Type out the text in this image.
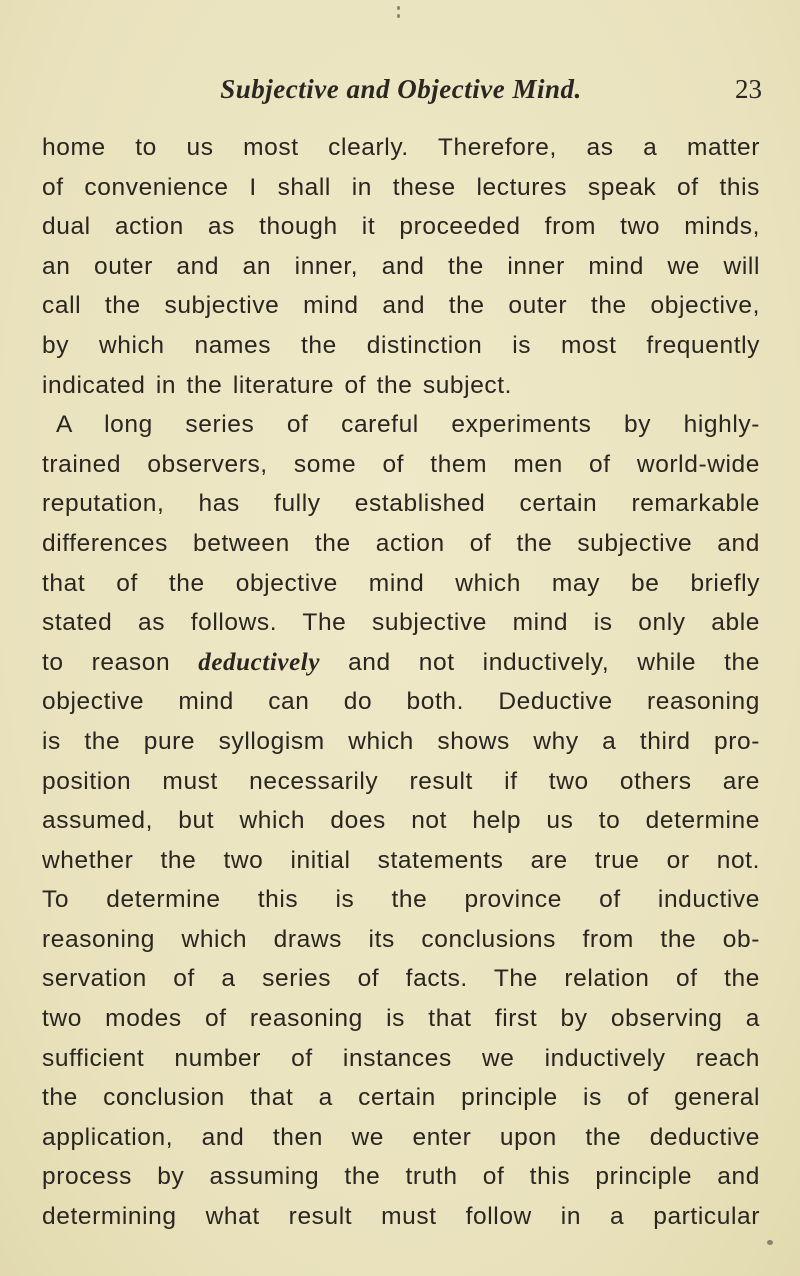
Subjective and Objective Mind.	23
home to us most clearly. Therefore, as a matter
of convenience I shall in these lectures speak of this
dual action as though it proceeded from two minds,
an outer and an inner, and the inner mind we will
call the subjective mind and the outer the objective,
by which names the distinction is most frequently
indicated in the literature of the subject.
A long series of careful experiments by highly-
trained observers, some of them men of world-wide
reputation, has fully established certain remarkable
differences between the action of the subjective and
that of the objective mind which may be briefly
stated as follows. The subjective mind is only able
to reason deductively and not inductively, while the
objective mind can do both. Deductive reasoning
is the pure syllogism which shows why a third pro-
position must necessarily result if two others are
assumed, but which does not help us to determine
whether the two initial statements are true or not.
To determine this is the province of inductive
reasoning which draws its conclusions from the ob-
servation of a series of facts. The relation of the
two modes of reasoning is that first by observing a
sufficient number of instances we inductively reach
the conclusion that a certain principle is of general
application, and then we enter upon the deductive
process by assuming the truth of this principle and
determining what result must follow in a particular
